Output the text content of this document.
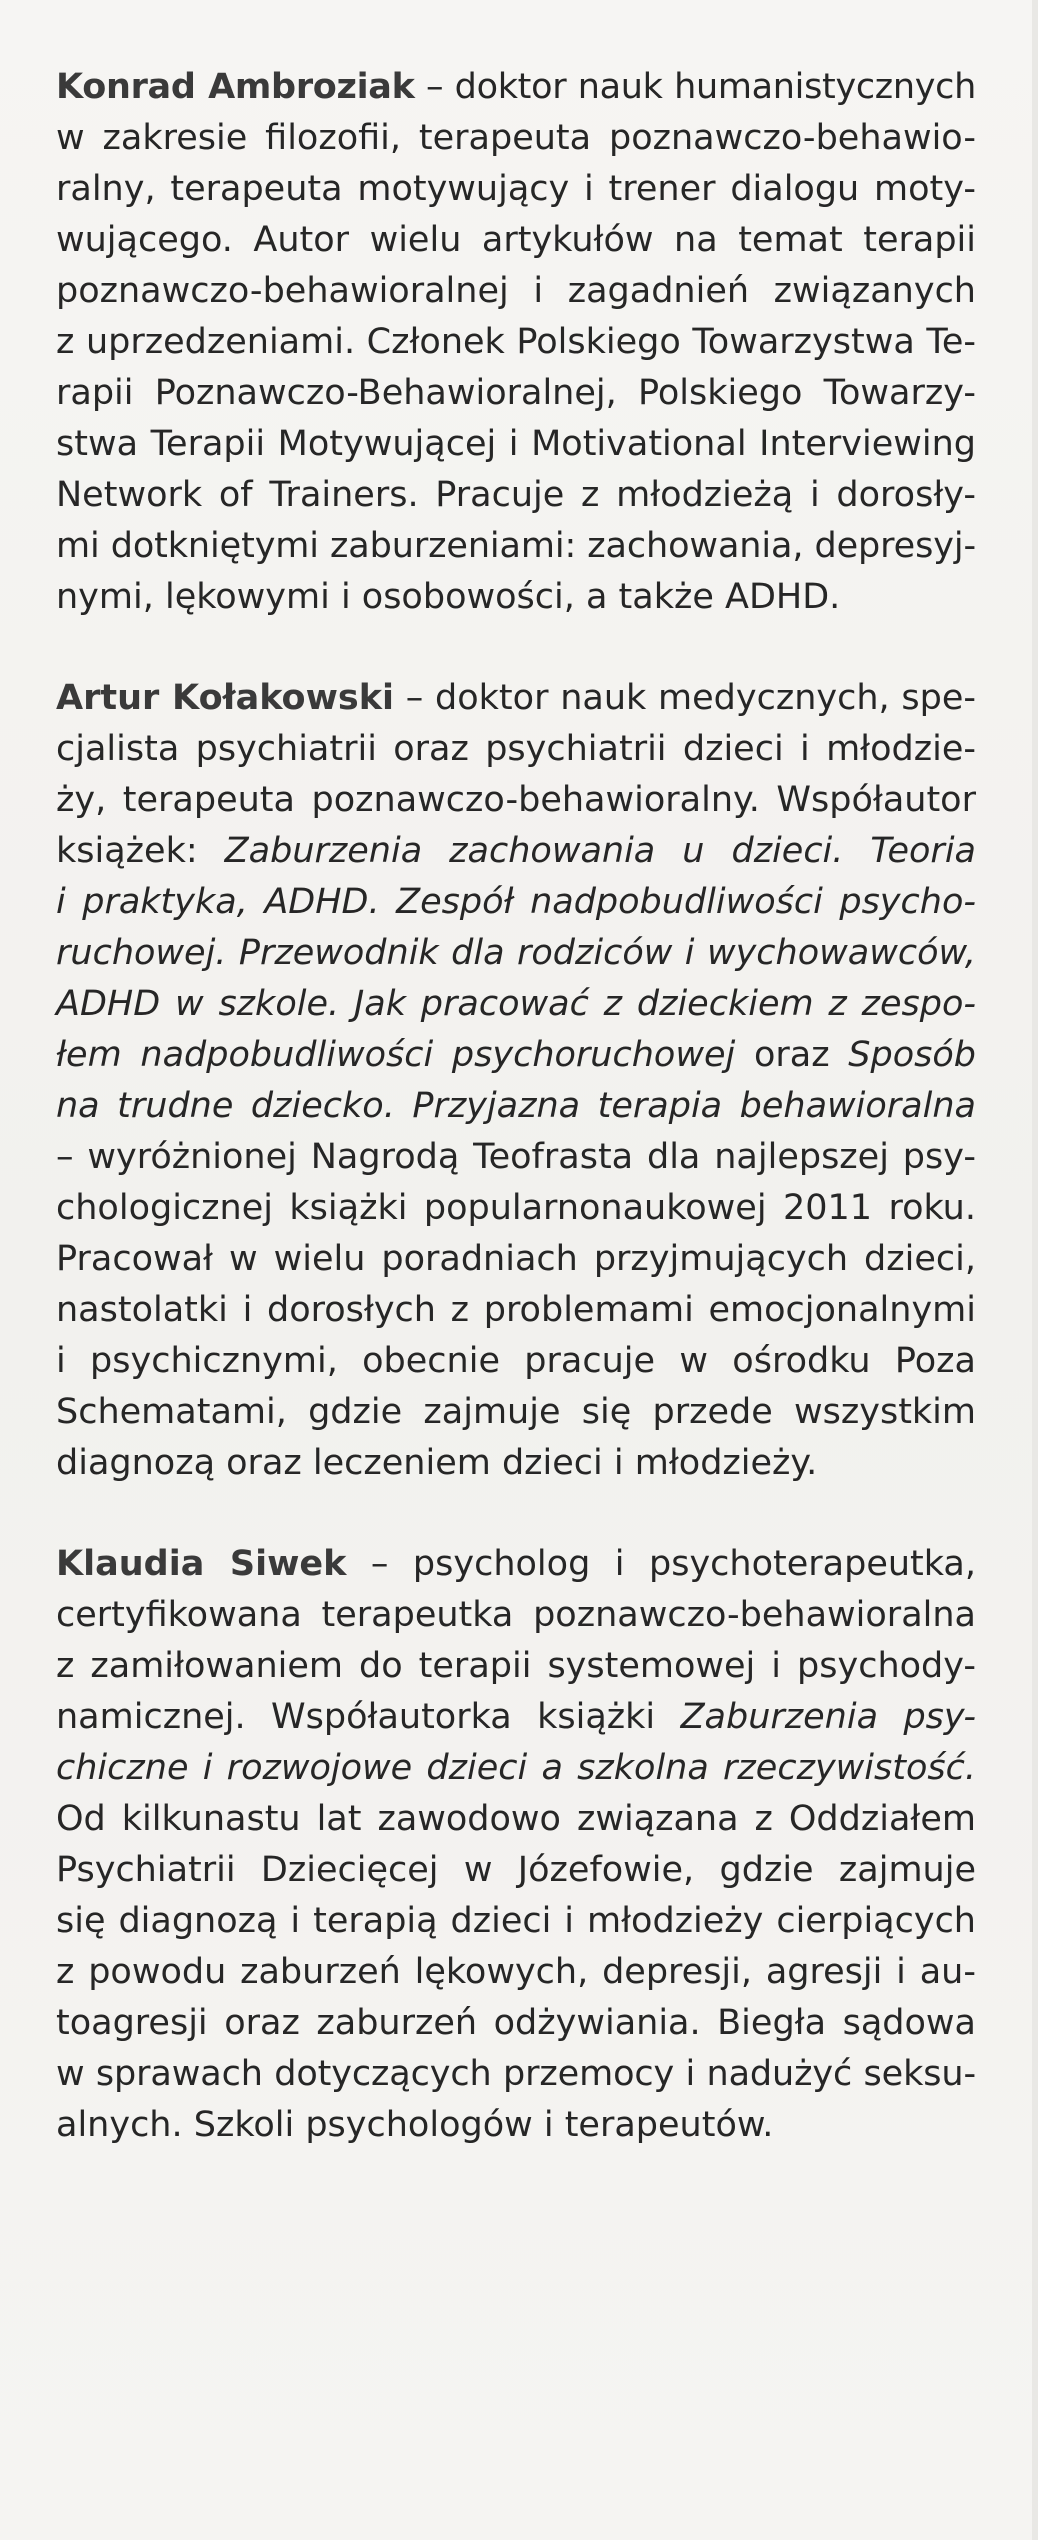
Konrad Ambroziak – doktor nauk humanistycznych
w zakresie filozofii, terapeuta poznawczo-behawio-
ralny, terapeuta motywujący i trener dialogu moty-
wującego. Autor wielu artykułów na temat terapii
poznawczo-behawioralnej i zagadnień związanych
z uprzedzeniami. Członek Polskiego Towarzystwa Te-
rapii Poznawczo-Behawioralnej, Polskiego Towarzy-
stwa Terapii Motywującej i Motivational Interviewing
Network of Trainers. Pracuje z młodzieżą i dorosły-
mi dotkniętymi zaburzeniami: zachowania, depresyj-
nymi, lękowymi i osobowości, a także ADHD.
Artur Kołakowski – doktor nauk medycznych, spe-
cjalista psychiatrii oraz psychiatrii dzieci i młodzie-
ży, terapeuta poznawczo-behawioralny. Współautor
książek: Zaburzenia zachowania u dzieci. Teoria
i praktyka, ADHD. Zespół nadpobudliwości psycho-
ruchowej. Przewodnik dla rodziców i wychowawców,
ADHD w szkole. Jak pracować z dzieckiem z zespo-
łem nadpobudliwości psychoruchowej oraz Sposób
na trudne dziecko. Przyjazna terapia behawioralna
– wyróżnionej Nagrodą Teofrasta dla najlepszej psy-
chologicznej książki popularnonaukowej 2011 roku.
Pracował w wielu poradniach przyjmujących dzieci,
nastolatki i dorosłych z problemami emocjonalnymi
i psychicznymi, obecnie pracuje w ośrodku Poza
Schematami, gdzie zajmuje się przede wszystkim
diagnozą oraz leczeniem dzieci i młodzieży.
Klaudia Siwek – psycholog i psychoterapeutka,
certyfikowana terapeutka poznawczo-behawioralna
z zamiłowaniem do terapii systemowej i psychody-
namicznej. Współautorka książki Zaburzenia psy-
chiczne i rozwojowe dzieci a szkolna rzeczywistość.
Od kilkunastu lat zawodowo związana z Oddziałem
Psychiatrii Dziecięcej w Józefowie, gdzie zajmuje
się diagnozą i terapią dzieci i młodzieży cierpiących
z powodu zaburzeń lękowych, depresji, agresji i au-
toagresji oraz zaburzeń odżywiania. Biegła sądowa
w sprawach dotyczących przemocy i nadużyć seksu-
alnych. Szkoli psychologów i terapeutów.
